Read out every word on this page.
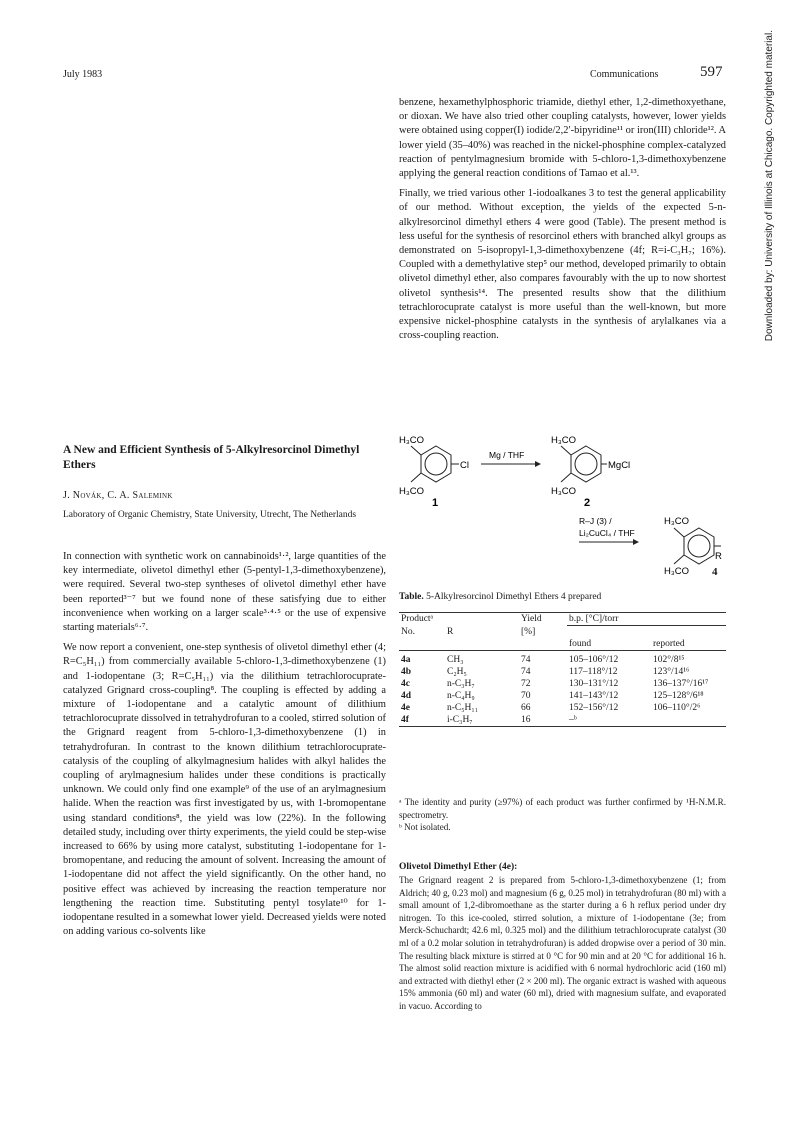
July 1983	Communications	597	Downloaded by: University of Illinois at Chicago. Copyrighted material.

benzene, hexamethylphosphoric triamide, diethyl ether, 1,2-dimethoxyethane, or dioxan. We have also tried other coupling catalysts, however, lower yields were obtained using copper(I) iodide/2,2′-bipyridine¹¹ or iron(III) chloride¹². A lower yield (35–40%) was reached in the nickel-phosphine complex-catalyzed reaction of pentylmagnesium bromide with 5-chloro-1,3-dimethoxybenzene applying the general reaction conditions of Tamao et al.¹³.

Finally, we tried various other 1-iodoalkanes 3 to test the general applicability of our method. Without exception, the yields of the expected 5-n-alkylresorcinol dimethyl ethers 4 were good (Table). The present method is less useful for the synthesis of resorcinol ethers with branched alkyl groups as demonstrated on 5-isopropyl-1,3-dimethoxybenzene (4f; R=i-C₃H₇; 16%). Coupled with a demethylative step⁵ our method, developed primarily to obtain olivetol dimethyl ether, also compares favourably with the up to now shortest olivetol synthesis¹⁴. The presented results show that the dilithium tetrachlorocuprate catalyst is more useful than the well-known, but more expensive nickel-phosphine catalysts in the synthesis of arylalkanes via a cross-coupling reaction.

H₃CO
H₃CO
Cl
1
Mg / THF
H₃CO
H₃CO
MgCl
2
R–J (3) /
Li₂CuCl₄ / THF
H₃CO
H₃CO
R
4
A New and Efficient Synthesis of 5-Alkylresorcinol Dimethyl Ethers
J. Novák, C. A. Salemink
Laboratory of Organic Chemistry, State University, Utrecht, The Netherlands

In connection with synthetic work on cannabinoids¹·², large quantities of the key intermediate, olivetol dimethyl ether (5-pentyl-1,3-dimethoxybenzene), were required. Several two-step syntheses of olivetol dimethyl ether have been reported³⁻⁷ but we found none of these satisfying due to either inconvenience when working on a larger scale³·⁴·⁵ or the use of expensive starting materials⁶·⁷.

We now report a convenient, one-step synthesis of olivetol dimethyl ether (4; R=C₅H₁₁) from commercially available 5-chloro-1,3-dimethoxybenzene (1) and 1-iodopentane (3; R=C₅H₁₁) via the dilithium tetrachlorocuprate-catalyzed Grignard cross-coupling⁸. The coupling is effected by adding a mixture of 1-iodopentane and a catalytic amount of dilithium tetrachlorocuprate dissolved in tetrahydrofuran to a cooled, stirred solution of the Grignard reagent from 5-chloro-1,3-dimethoxybenzene (1) in tetrahydrofuran. In contrast to the known dilithium tetrachlorocuprate-catalysis of the coupling of alkylmagnesium halides with alkyl halides the coupling of arylmagnesium halides under these conditions is practically unknown. We could only find one example⁹ of the use of an arylmagnesium halide. When the reaction was first investigated by us, with 1-bromopentane using standard conditions⁸, the yield was low (22%). In the following detailed study, including over thirty experiments, the yield could be step-wise increased to 66% by using more catalyst, substituting 1-iodopentane for 1-bromopentane, and reducing the amount of solvent. Increasing the amount of 1-iodopentane did not affect the yield significantly. On the other hand, no positive effect was achieved by increasing the reaction temperature nor lengthening the reaction time. Substituting pentyl tosylate¹⁰ for 1-iodopentane resulted in a somewhat lower yield. Decreased yields were noted on adding various co-solvents like

Table. 5-Alkylresorcinol Dimethyl Ethers 4 prepared
Productᵃ		Yield	b.p. [°C]/torr	
No.	R	[%]		
			found	reported

4a	CH₃	74	105–106°/12	102°/8¹⁵
4b	C₂H₅	74	117–118°/12	123°/14¹⁶
4c	n-C₃H₇	72	130–131°/12	136–137°/16¹⁷
4d	n-C₄H₉	70	141–143°/12	125–128°/6¹⁸
4e	n-C₅H₁₁	66	152–156°/12	106–110°/2⁶
4f	i-C₃H₇	16	–ᵇ	

ᵃ The identity and purity (≥97%) of each product was further confirmed by ¹H-N.M.R. spectrometry.

ᵇ Not isolated.

Olivetol Dimethyl Ether (4e):

The Grignard reagent 2 is prepared from 5-chloro-1,3-dimethoxybenzene (1; from Aldrich; 40 g, 0.23 mol) and magnesium (6 g, 0.25 mol) in tetrahydrofuran (80 ml) with a small amount of 1,2-dibromoethane as the starter during a 6 h reflux period under dry nitrogen. To this ice-cooled, stirred solution, a mixture of 1-iodopentane (3e; from Merck-Schuchardt; 42.6 ml, 0.325 mol) and the dilithium tetrachlorocuprate catalyst (30 ml of a 0.2 molar solution in tetrahydrofuran) is added dropwise over a period of 30 min. The resulting black mixture is stirred at 0 °C for 90 min and at 20 °C for additional 16 h. The almost solid reaction mixture is acidified with 6 normal hydrochloric acid (160 ml) and extracted with diethyl ether (2 × 200 ml). The organic extract is washed with aqueous 15% ammonia (60 ml) and water (60 ml), dried with magnesium sulfate, and evaporated in vacuo. According to
